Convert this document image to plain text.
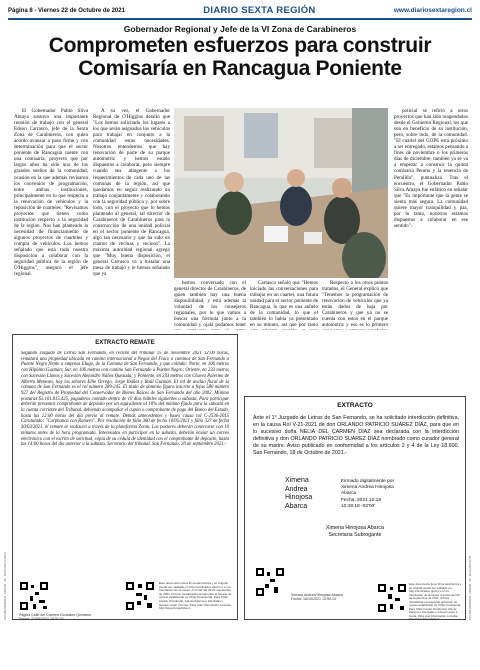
Página 8 - Viernes 22 de Octubre de 2021	DIARIO SEXTA REGIÓN	www.diariosextaregion.cl
Gobernador Regional y Jefe de la VI Zona de Carabineros
Comprometen esfuerzos para construir
Comisaría en Rancagua Poniente

El Gobernador Pablo Silva Amaya sostuvo una importante reunión de trabajo con el general Edson Carrasco, jefe de la Sexta Zona de Carabineros, con quien acordó avanzar a paso firme y con determinación para que el sector poniente de Rancagua cuente con una comisaría, proyecto que por largos años ha sido uno de los grandes sueños de la comunidad, ocasión en la que además revisaron los convenios de programación, entre ambas instituciones, principalmente en lo que respecta a la renovación de vehículos y la reposición de cuarteles. "Revisamos proyectos que tienen como institución respecto a la seguridad de la región. Nos han planteado la necesidad de financiamiento de algunos proyectos de cuarteles y compra de vehículos. Los hemos señalado que está toda nuestra disposición a colaborar con la seguridad pública de la región de O'Higgins", aseguró el jefe regional.

A su vez, el Gobernador Regional de O'Higgins detalló que "Los hemos solicitado los lugares a los que serán asignados los vehículos para trabajar en conjunto a la comunidad estas necesidades. Nosotros entendemos que hay renovación de parte de su parque automotriz y hemos estado dispuestos a colaborar, pero siempre cuando sea atingente a los requerimientos de cada uno de las comunas de la región, así que quedamos en seguir realizando un trabajo conjuntamente y colaborando con la seguridad pública y, por sobre todo, con el proyecto que lo hemos planteado al general, tal director de Carabineros de Carabineros para la construcción de una unidad policial en el sector poniente de Rancagua, algo tan necesario y que ha sido un clamor de vecinas y vecinos". La máxima autoridad regional agregó que "Muy buena disposición, el general Carrasco va a instalar una mesa de trabajo y le hemos señalado que ya

hemos conversado con el general director de Carabineros, de quien tambien hay una buena disponibilidad, y está además la voluntad de los consejeros regionales, por lo que vamos a buscar una fórmula junto a la comunidad y ojalá podamos tener

Carrasco señaló que "Hemos iniciado las conversaciones para trabajar en un cuartel, una futura unidad para el sector poniente de Rancagua, lo que es una anhelo de la comunidad, lo que el también lo había ya presentado en su minuto, así que por tanto

Respecto a los otros puntos tratados, el General explicó que "Tenemos la programación de renovación de vehículos que ya están dados de baja por Carabineros y que ya no se cuenta con estos en el parque automotriz y eso es lo primero

policial se refirió a otros proyectos que han sido reagendados desde el Gobierno Regional, los que son en beneficio de su institución, pero, sobre todo, de la comunidad. "El cuartel del GOPE está próximo a ser entregado, estamos pensando a fines de noviembre o los primeros días de diciembre, también ya se va a empezar a construir la quinta comisaría Peumo y la tenencia de Peralillo", puntualizó. Tras el encuentro, el Gobernador Pablo Silva Amaya fue enfático en señalar que "Es importante que la gente se sienta más segura. La comunidad quiere mayor tranquilidad y paz, por lo tanto, nosotros estamos dispuestos a colaborar en ese sentido".

EXTRACTO REMATE
Segundo Juzgado de Letras San Fernando, en recinto del tribunal 15 de noviembre 2021 12:00 horas, rematará una propiedad ubicada en camino internacional a Negas del Flaco a caminos de San Fernando a Puente Negro frente a empresa Elugo, de la Comuna de San Fernando, y que colinda: Norte, en 106 metros con Hipólito Guzmán; Sur, en 106 metros con camino San Fernando a Puente Negro; Oriente, en 233 metros con Sucesión Llanos y Sucesión Alejandro Núñez Quezada; y Poniente, en 233 metros con Chavez Palermo de Alberto Meneses, hoy los señores Ellie Orrego, Jorge Ibáñez y Raúl Guzmán. El rol de avalúo fiscal de la comuna de San Fernando es el rol número 289-245. El título de dominio figura inscrito a fojas 580 número 927 del Registro de Propiedad del Conservador de Bienes Raíces de San Fernando del año 2002. Mínimo posturas $1.101.815.425, pagaderos contado dentro de 10 días hábiles siguientes a subasta. Para participar deberán presentar comprobante de depósito por un equivalente al 10% del mínimo fijado para la subasta en la cuenta corriente del Tribunal, debiendo acompañar el cupón o comprobante de pago del Banco del Estado, hasta las 12:00 horas del día previo al remate. Demás antecedentes y bases causa rol C-2536-2015 Caratulada: "Corpbanca con Romero". Por resolución de fólio 360 de fecha 10/05/2021 y fólio 327 de fecha 30/03/2021, el remate se realizará a través de la plataforma Zoom. Los postores deberán conectarse con 10 minutos antes de la hora programada. Interesados en participar en la subasta, deberán enviar un correo electrónico con el escrito de solicitud, copia de su cédula de identidad con el comprobante de depósito, hasta las 14:00 horas del día anterior a la subasta. Secretario del tribunal. San Fernando, 20 de septiembre 2021.-
Página Calle del Carmen González Quintana
Fecha: 21/09/2021 18:51:31
Este documento tiene firma electrónica y su original puede ser validado en http://verificadoc.pjud.cl o en la tramitación de la causa. A contar del 09 de septiembre de 2021, la hora visualizada corresponde al horario de verano establecido en Chile Continental. Para Chile Insular Occidental, Isla de Pascua e Isla Salas y Gómez restar 2 horas. Para más información consulte http://www.horaoficial.cl
CFC-8211110002411 · 0002411 · 30 · 06-09-2021 12:29:12
EXTRACTO
Ante el 1° Juzgado de Letras de San Fernando, se ha solicitado interdicción definitiva, en la causa Rol V-21-2021 de don ORLANDO PATRICIO SUÁREZ DÍAZ, para que en lo sucesivo doña NELIA DEL CARMEN DÍAZ sea declarada con la interdicción definitiva y don ORLANDO PATRICIO SUÁREZ DÍAZ nombrado como curador general de su madre. Aviso publicado en conformidad a los artículos 2 y 4 de la Ley 18.600. San Fernando, 18 de Octubre de 2021.-
Ximena
Andrea
Hinojosa
Abarca
Firmado digitalmente por Ximena Andrea Hinojosa Abarca
Fecha: 2021.10.18
10:49:18 -03'00'
Ximena Hinojosa Abarca
Secretaria Subrogante
Ximena Andrea Hinojosa Abarca
Fecha: 18/10/2021 10:50:14
Este documento tiene firma electrónica y su original puede ser validado en http://verificadoc.pjud.cl o en la tramitación de la causa. A contar del 09 de septiembre de 2021, la hora visualizada corresponde al horario de verano establecido en Chile Continental. Para Chile Insular Occidental, Isla de Pascua e Isla Salas y Gómez restar 2 horas. Para más información consulte http://www.horaoficial.cl	CFC-8211110002411 · 0002411 · 30 · 18-10-2021 10:50
